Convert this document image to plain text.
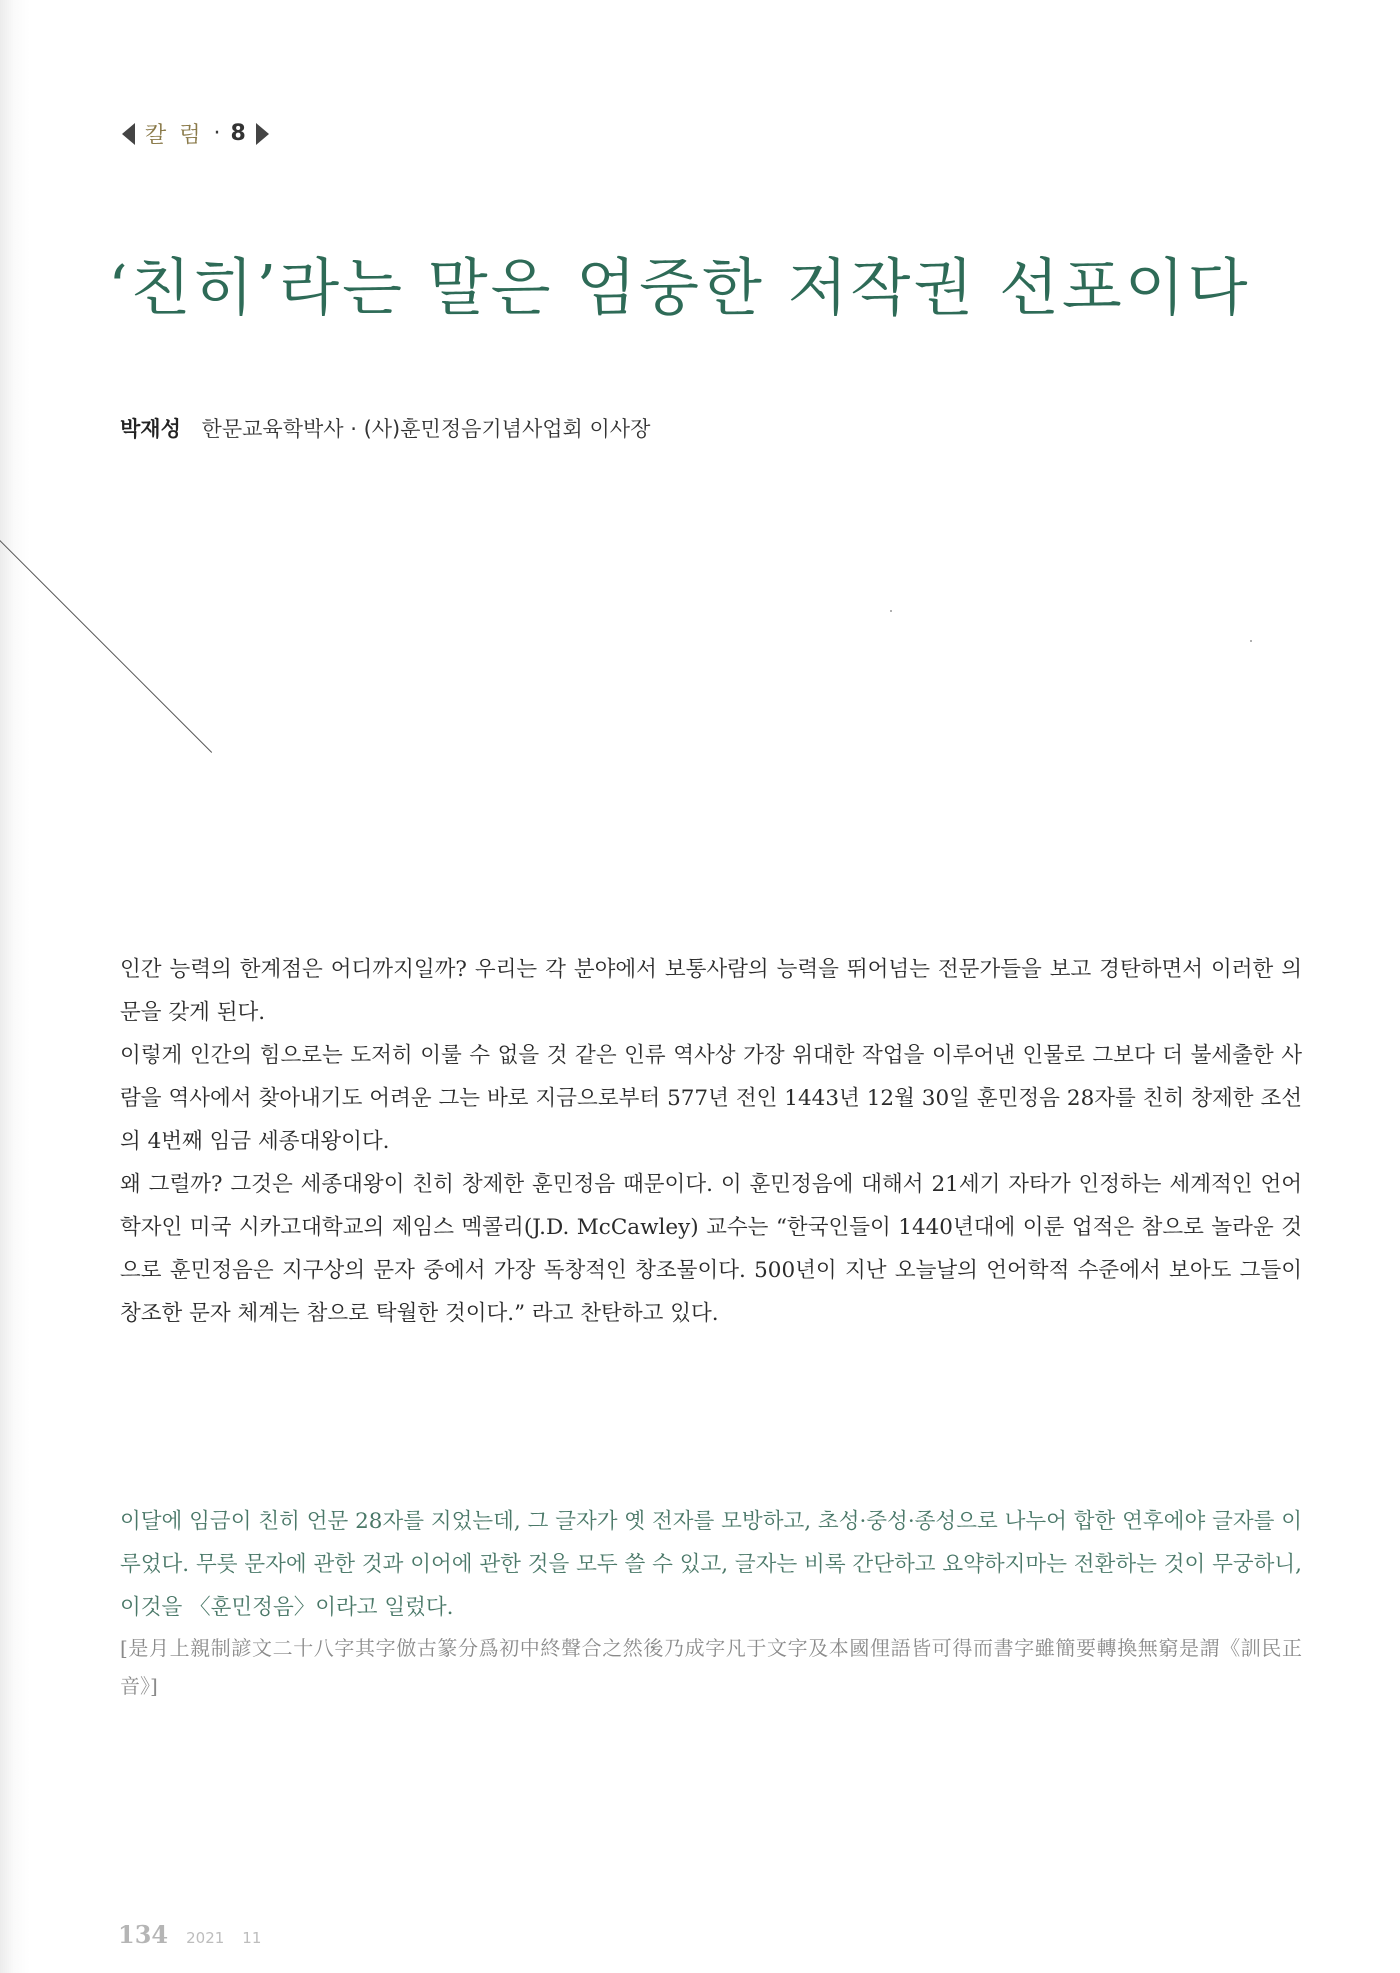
칼 럼 · 8
‘친히’라는 말은 엄중한 저작권 선포이다
박재성 한문교육학박사 · (사)훈민정음기념사업회 이사장

인간 능력의 한계점은 어디까지일까? 우리는 각 분야에서 보통사람의 능력을 뛰어넘는 전문가들을 보고 경탄하면서 이러한 의문을 갖게 된다.

이렇게 인간의 힘으로는 도저히 이룰 수 없을 것 같은 인류 역사상 가장 위대한 작업을 이루어낸 인물로 그보다 더 불세출한 사람을 역사에서 찾아내기도 어려운 그는 바로 지금으로부터 577년 전인 1443년 12월 30일 훈민정음 28자를 친히 창제한 조선의 4번째 임금 세종대왕이다.

왜 그럴까? 그것은 세종대왕이 친히 창제한 훈민정음 때문이다. 이 훈민정음에 대해서 21세기 자타가 인정하는 세계적인 언어학자인 미국 시카고대학교의 제임스 멕콜리(J.D. McCawley) 교수는 “한국인들이 1440년대에 이룬 업적은 참으로 놀라운 것으로 훈민정음은 지구상의 문자 중에서 가장 독창적인 창조물이다. 500년이 지난 오늘날의 언어학적 수준에서 보아도 그들이 창조한 문자 체계는 참으로 탁월한 것이다.” 라고 찬탄하고 있다.

이달에 임금이 친히 언문 28자를 지었는데, 그 글자가 옛 전자를 모방하고, 초성·중성·종성으로 나누어 합한 연후에야 글자를 이루었다. 무릇 문자에 관한 것과 이어에 관한 것을 모두 쓸 수 있고, 글자는 비록 간단하고 요약하지마는 전환하는 것이 무궁하니, 이것을 〈훈민정음〉이라고 일렀다.

[是月上親制諺文二十八字其字倣古篆分爲初中終聲合之然後乃成字凡于文字及本國俚語皆可得而書字雖簡要轉換無窮是謂《訓民正音》]

134 2021 11
